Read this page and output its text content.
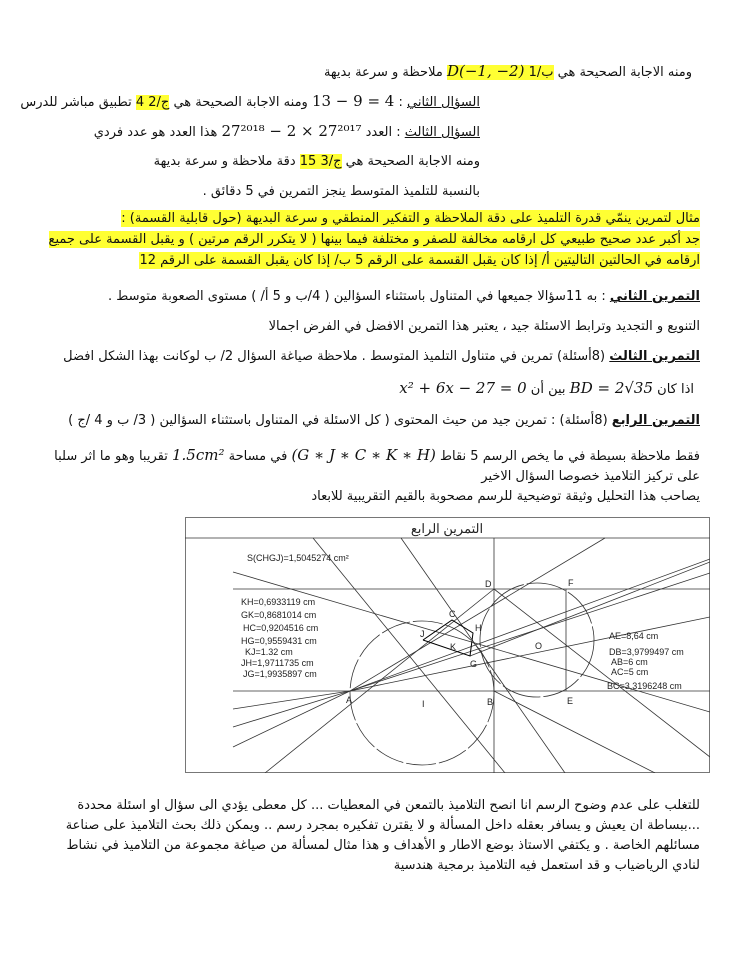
ومنه الاجابة الصحيحة هي ب/1 D(−1, −2) ملاحظة و سرعة بديهة
السؤال الثاني : 13 − 9 = 4 ومنه الاجابة الصحيحة هي ج/2 4 تطبيق مباشر للدرس
السؤال الثالث : العدد 27²⁰¹⁸ − 2 × 27²⁰¹⁷ هذا العدد هو عدد فردي
ومنه الاجابة الصحيحة هي ج/3 15 دقة ملاحظة و سرعة بديهة
بالنسبة للتلميذ المتوسط ينجز التمرين في 5 دقائق .
مثال لتمرين ينمّي قدرة التلميذ على دقة الملاحظة و التفكير المنطقي و سرعة البديهة (حول قابلية القسمة) :
جد أكبر عدد صحيح طبيعي كل ارقامه مخالفة للصفر و مختلفة فيما بينها ( لا يتكرر الرقم مرتين ) و يقبل القسمة على جميع
ارقامه في الحالتين التاليتين أ/ إذا كان يقبل القسمة على الرقم 5 ب/ إذا كان يقبل القسمة على الرقم 12
التمرين الثاني : به 11سؤالا جميعها في المتناول باستثناء السؤالين ( 4/ب و 5 أ/ ) مستوى الصعوبة متوسط .
التنويع و التجديد وترابط الاسئلة جيد ، يعتبر هذا التمرين الافضل في الفرض اجمالا
التمرين الثالث (8أسئلة) تمرين في متناول التلميذ المتوسط . ملاحظة صياغة السؤال 2/ ب لوكانت بهذا الشكل افضل
اذا كان BD = 2√35 بين أن x² + 6x − 27 = 0
التمرين الرابع (8أسئلة) : تمرين جيد من حيث المحتوى ( كل الاسئلة في المتناول باستثناء السؤالين ( 3/ ب و 4 /ج )
فقط ملاحظة بسيطة في ما يخص الرسم 5 نقاط (G ∗ J ∗ C ∗ K ∗ H) في مساحة 1.5cm² تقريبا وهو ما اثر سلبا
على تركيز التلاميذ خصوصا السؤال الاخير
يصاحب هذا التحليل وثيقة توضيحية للرسم مصحوبة بالقيم التقريبية للابعاد
التمرين الرابع
S(CHGJ)=1,5045274 cm²
KH=0,6933119 cm
GK=0,8681014 cm
HC=0,9204516 cm
HG=0,9559431 cm
KJ=1.32 cm
JH=1,9711735 cm
JG=1,9935897 cm
AE=8,64 cm
DB=3,9799497 cm
AB=6 cm
AC=5 cm
BC=3,3196248 cm
A	B
C
D
E
F
G
H
I
J
K	O
للتغلب على عدم وضوح الرسم انا انصح التلاميذ بالتمعن في المعطيات ... كل معطى يؤدي الى سؤال او اسئلة محددة
...ببساطة ان يعيش و يسافر بعقله داخل المسألة و لا يقترن تفكيره بمجرد رسم .. ويمكن ذلك بحث التلاميذ على صناعة
مسائلهم الخاصة . و يكتفي الاستاذ بوضع الاطار و الأهداف و هذا مثال لمسألة من صياغة مجموعة من التلاميذ في نشاط
لنادي الرياضياب و قد استعمل فيه التلاميذ برمجية هندسية
